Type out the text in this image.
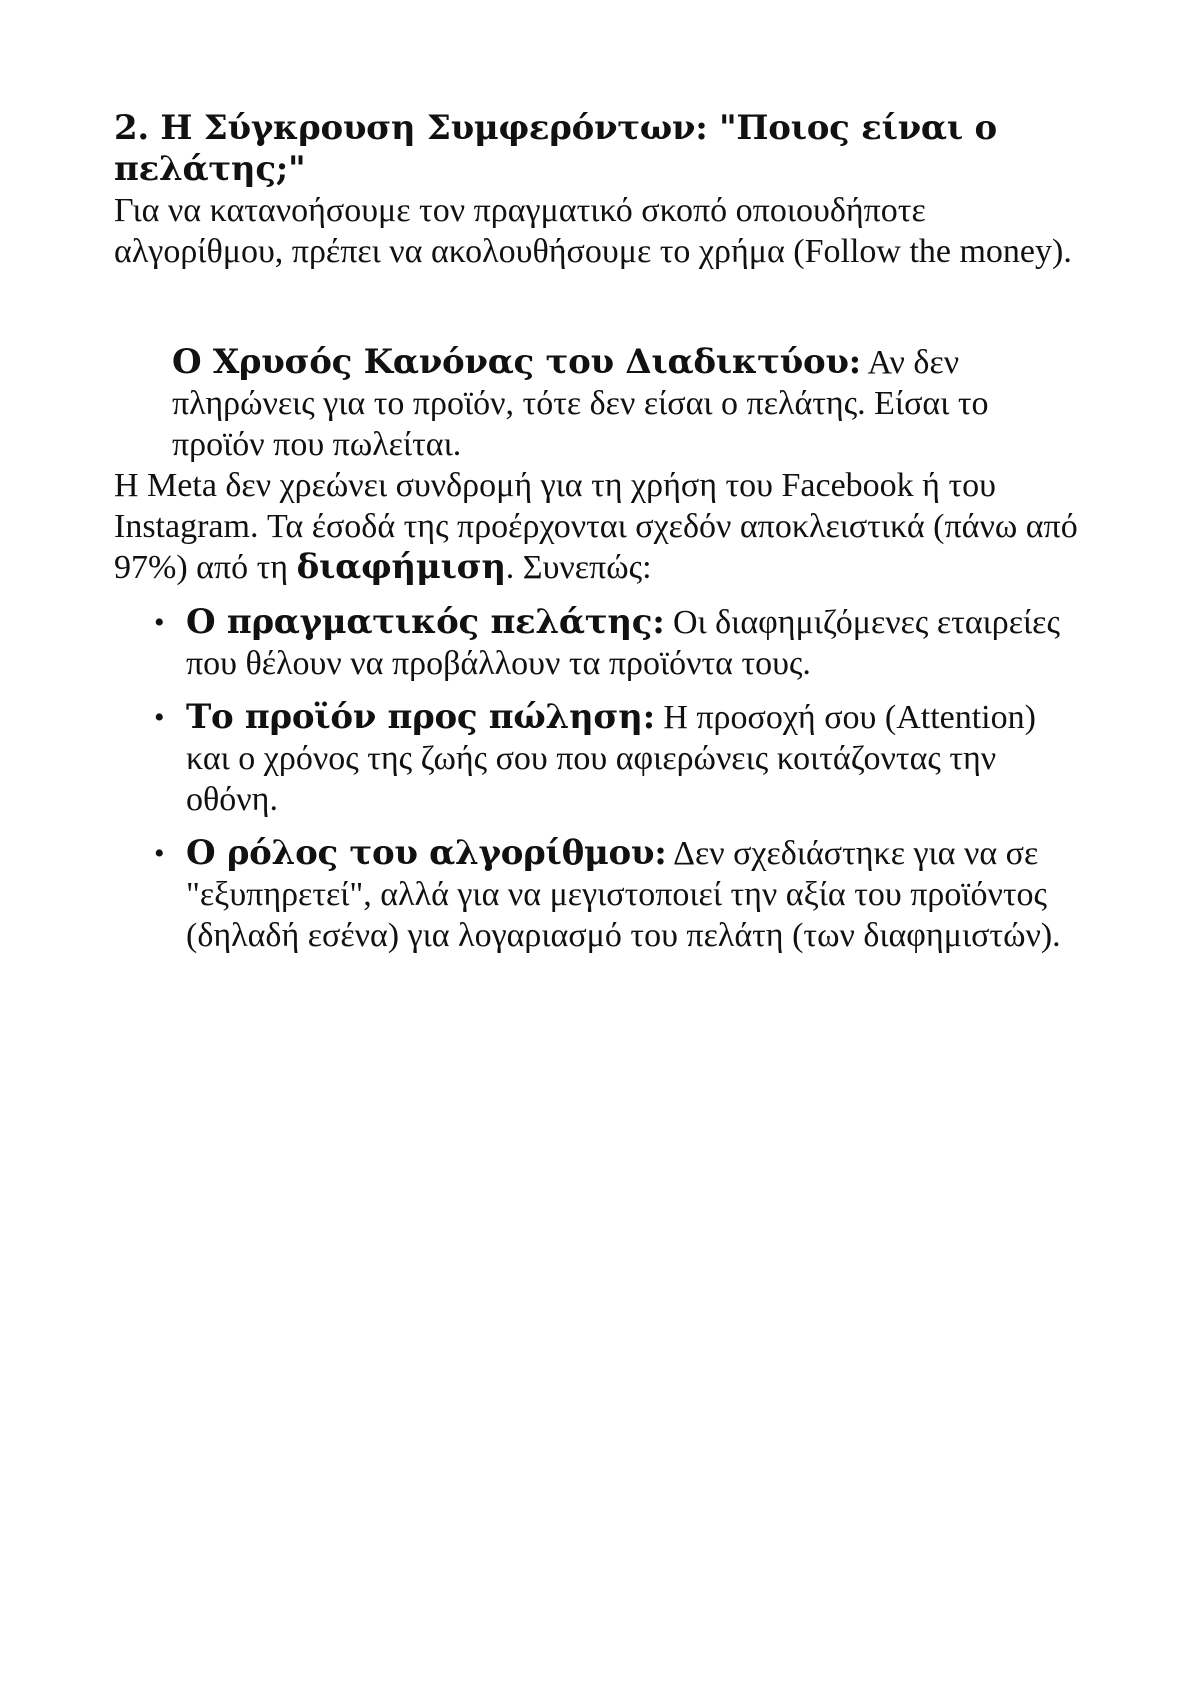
2. Η Σύγκρουση Συμφερόντων: "Ποιος είναι ο πελάτης;"

Για να κατανοήσουμε τον πραγματικό σκοπό οποιουδήποτε αλγορίθμου, πρέπει να ακολουθήσουμε το χρήμα (Follow the money).

Ο Χρυσός Κανόνας του Διαδικτύου: Αν δεν πληρώνεις για το προϊόν, τότε δεν είσαι ο πελάτης. Είσαι το προϊόν που πωλείται.

Η Meta δεν χρεώνει συνδρομή για τη χρήση του Facebook ή του Instagram. Τα έσοδά της προέρχονται σχεδόν αποκλειστικά (πάνω από 97%) από τη διαφήμιση. Συνεπώς:

• Ο πραγματικός πελάτης: Οι διαφημιζόμενες εταιρείες που θέλουν να προβάλλουν τα προϊόντα τους.
• Το προϊόν προς πώληση: Η προσοχή σου (Attention) και ο χρόνος της ζωής σου που αφιερώνεις κοιτάζοντας την οθόνη.
• Ο ρόλος του αλγορίθμου: Δεν σχεδιάστηκε για να σε "εξυπηρετεί", αλλά για να μεγιστοποιεί την αξία του προϊόντος (δηλαδή εσένα) για λογαριασμό του πελάτη (των διαφημιστών).
